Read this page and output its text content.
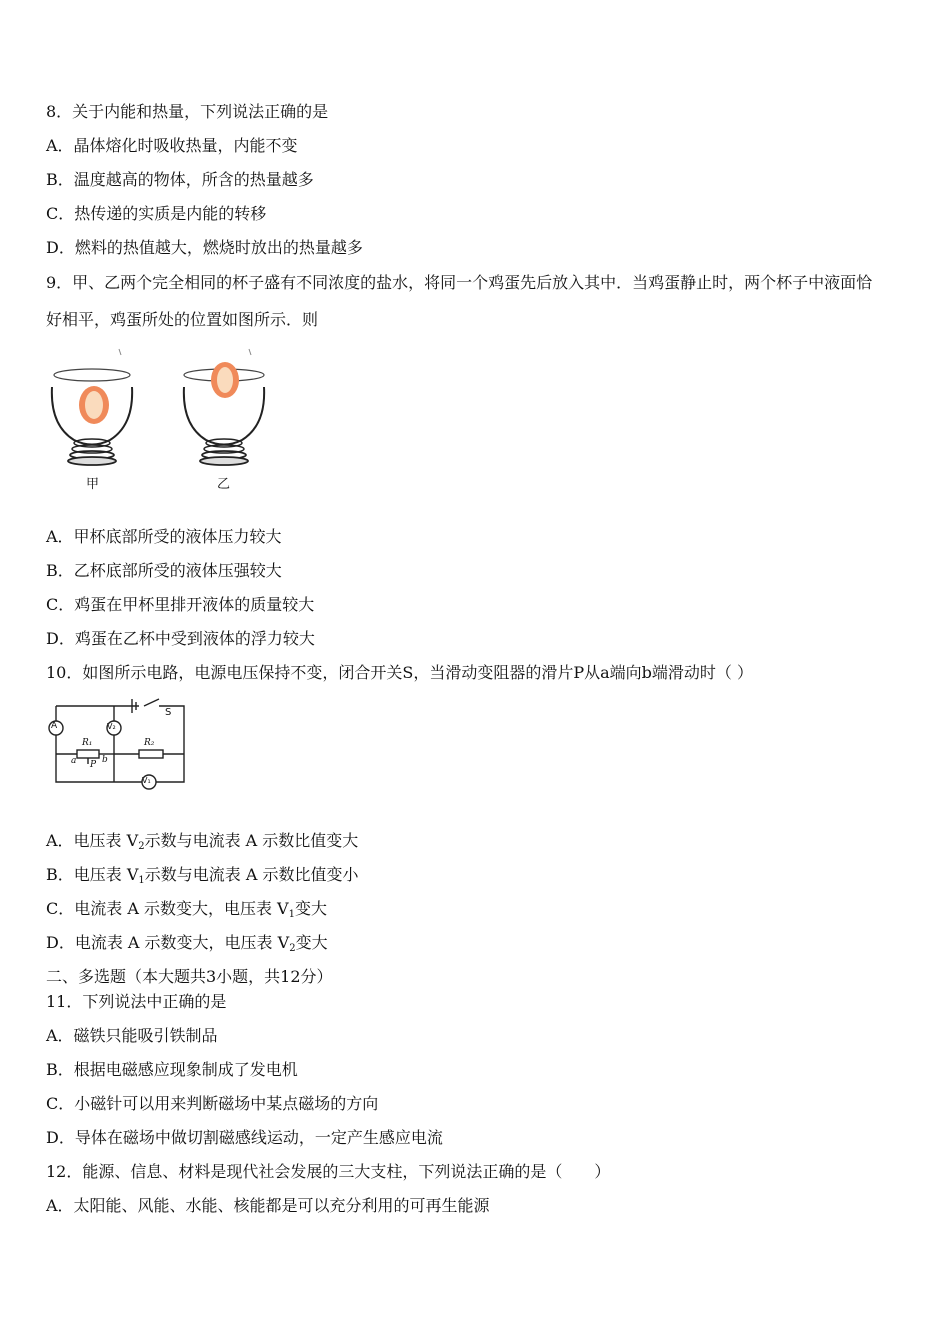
8．关于内能和热量，下列说法正确的是
A．晶体熔化时吸收热量，内能不变
B．温度越高的物体，所含的热量越多
C．热传递的实质是内能的转移
D．燃料的热值越大，燃烧时放出的热量越多
9．甲、乙两个完全相同的杯子盛有不同浓度的盐水，将同一个鸡蛋先后放入其中．当鸡蛋静止时，两个杯子中液面恰
好相平，鸡蛋所处的位置如图所示．则
甲	乙
A．甲杯底部所受的液体压力较大
B．乙杯底部所受的液体压强较大
C．鸡蛋在甲杯里排开液体的质量较大
D．鸡蛋在乙杯中受到液体的浮力较大
10．如图所示电路，电源电压保持不变，闭合开关S，当滑动变阻器的滑片P从a端向b端滑动时（ ）
A	V₂
V₁
S
R₁	R₂
a	b
P
A．电压表 $V_2$示数与电流表 A 示数比值变大
B．电压表 $V_1$示数与电流表 A 示数比值变小
C．电流表 A 示数变大，电压表 $V_1$变大
D．电流表 A 示数变大，电压表 $V_2$变大
二、多选题（本大题共3小题，共12分）
11．下列说法中正确的是
A．磁铁只能吸引铁制品
B．根据电磁感应现象制成了发电机
C．小磁针可以用来判断磁场中某点磁场的方向
D．导体在磁场中做切割磁感线运动，一定产生感应电流
12．能源、信息、材料是现代社会发展的三大支柱，下列说法正确的是（　　）
A．太阳能、风能、水能、核能都是可以充分利用的可再生能源
